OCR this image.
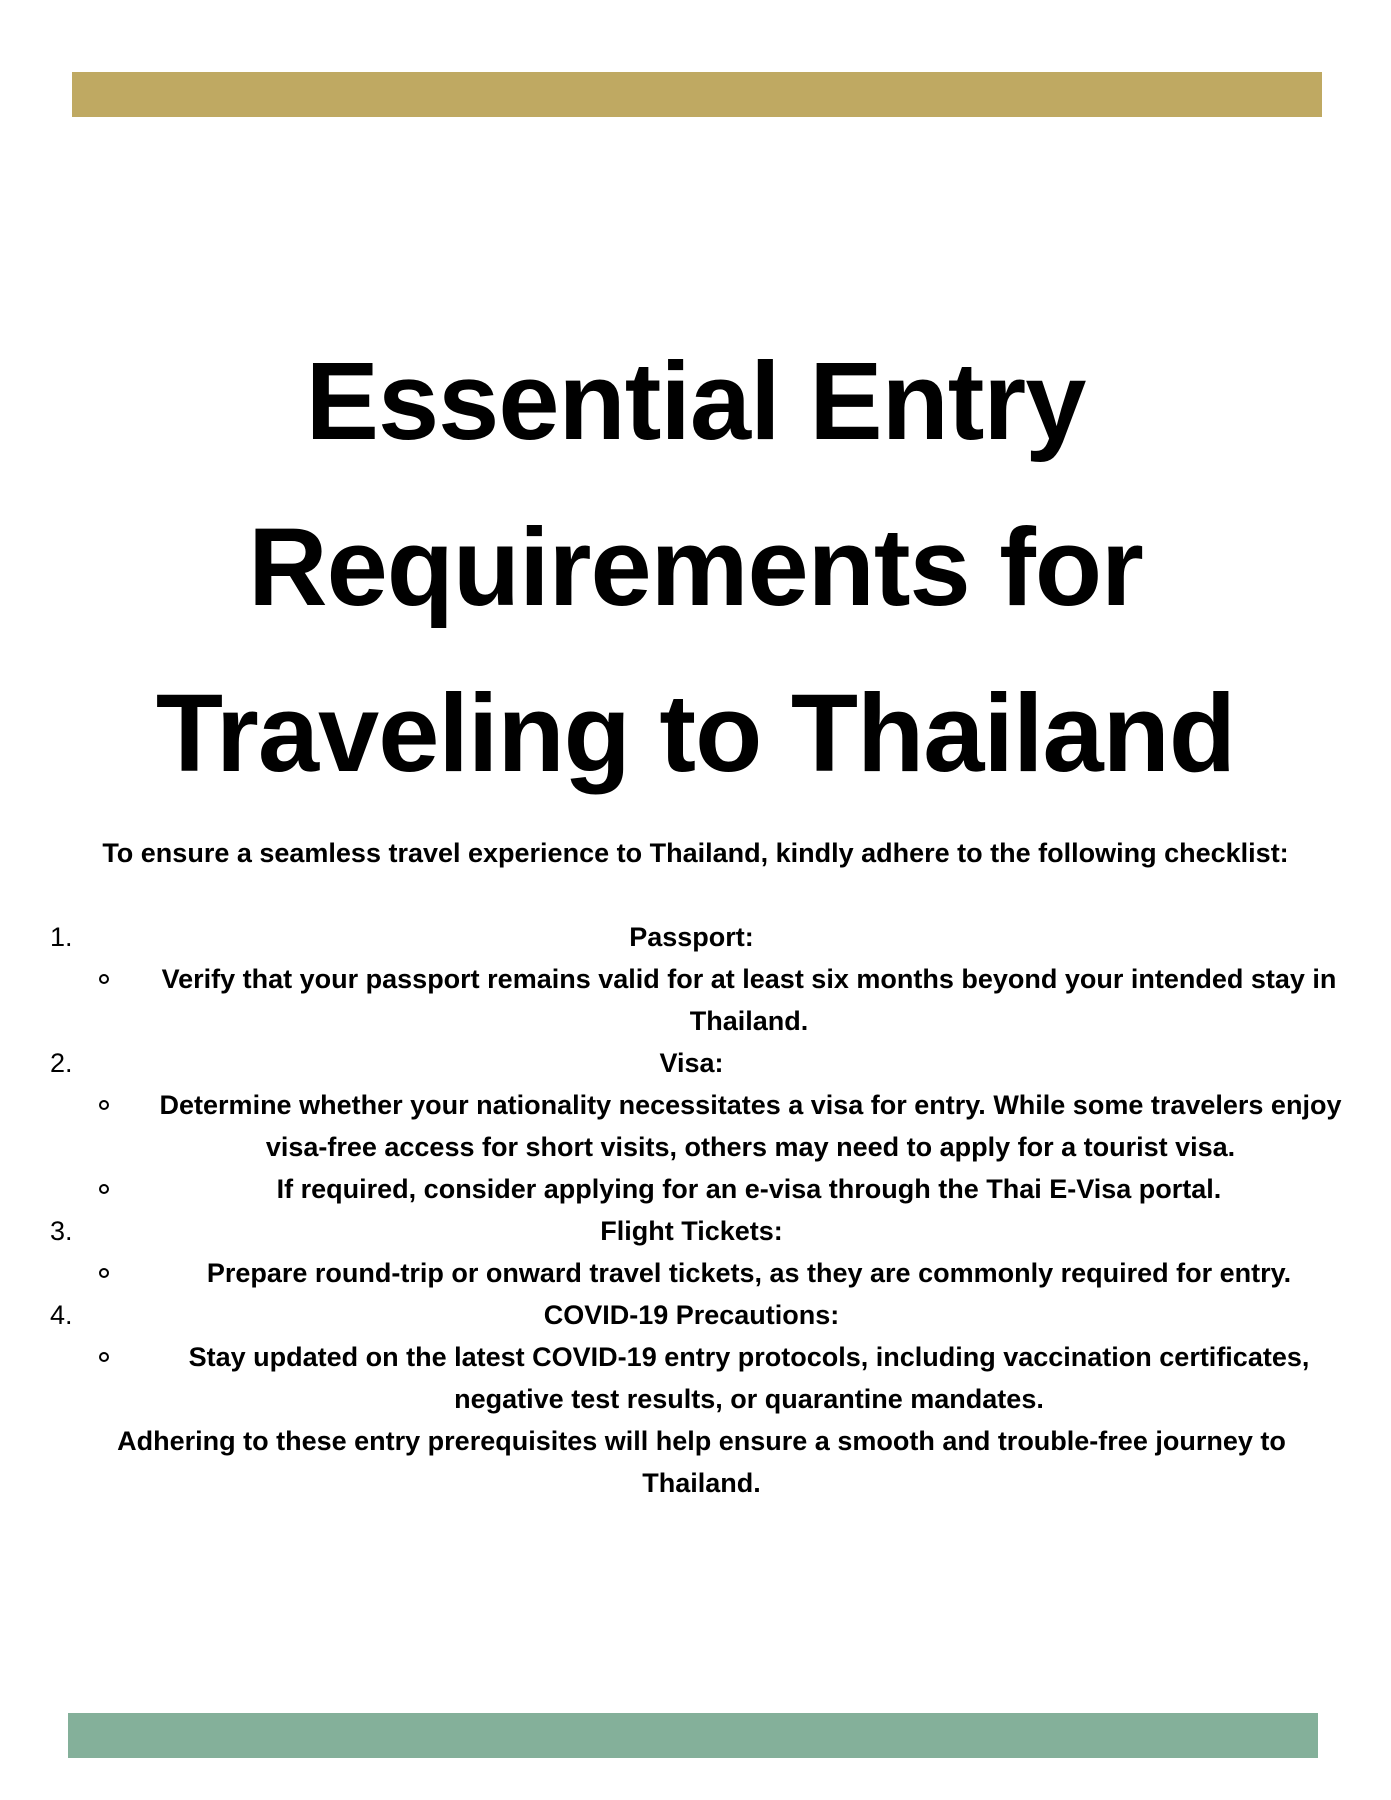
Essential Entry
Requirements for
Traveling to Thailand

To ensure a seamless travel experience to Thailand, kindly adhere to the following checklist:

1.	Passport:
Verify that your passport remains valid for at least six months beyond your intended stay in Thailand.
2.	Visa:
Determine whether your nationality necessitates a visa for entry. While some travelers enjoy visa-free access for short visits, others may need to apply for a tourist visa.
If required, consider applying for an e-visa through the Thai E-Visa portal.
3.	Flight Tickets:
Prepare round-trip or onward travel tickets, as they are commonly required for entry.
4.	COVID-19 Precautions:
Stay updated on the latest COVID-19 entry protocols, including vaccination certificates, negative test results, or quarantine mandates.

Adhering to these entry prerequisites will help ensure a smooth and trouble-free journey to Thailand.
